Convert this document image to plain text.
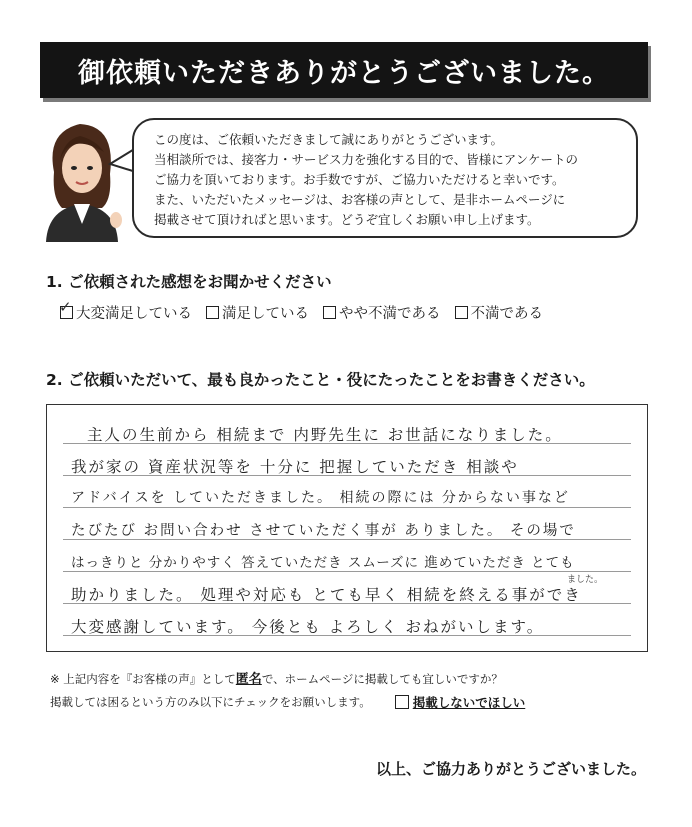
御依頼いただきありがとうございました。

この度は、ご依頼いただきまして誠にありがとうございます。

当相談所では、接客力・サービス力を強化する目的で、皆様にアンケートの

ご協力を頂いております。お手数ですが、ご協力いただけると幸いです。

また、いただいたメッセージは、お客様の声として、是非ホームページに

掲載させて頂ければと思います。どうぞ宜しくお願い申し上げます。

1. ご依頼された感想をお聞かせください
✓ 大変満足している 満足している やや不満である 不満である
2. ご依頼いただいて、最も良かったこと・役にたったことをお書きください。
主人の生前から 相続まで 内野先生に お世話になりました。
我が家の 資産状況等を 十分に 把握していただき 相談や
アドバイスを していただきました。 相続の際には 分からない事など
たびたび お問い合わせ させていただく事が ありました。 その場で
はっきりと 分かりやすく 答えていただき スムーズに 進めていただき とても
助かりました。 処理や対応も とても早く 相続を終える事ができ
ました。
大変感謝しています。 今後とも よろしく おねがいします。
※ 上記内容を『お客様の声』として匿名で、ホームページに掲載しても宜しいですか？
掲載しては困るという方のみ以下にチェックをお願いします。	掲載しないでほしい
以上、ご協力ありがとうございました。
